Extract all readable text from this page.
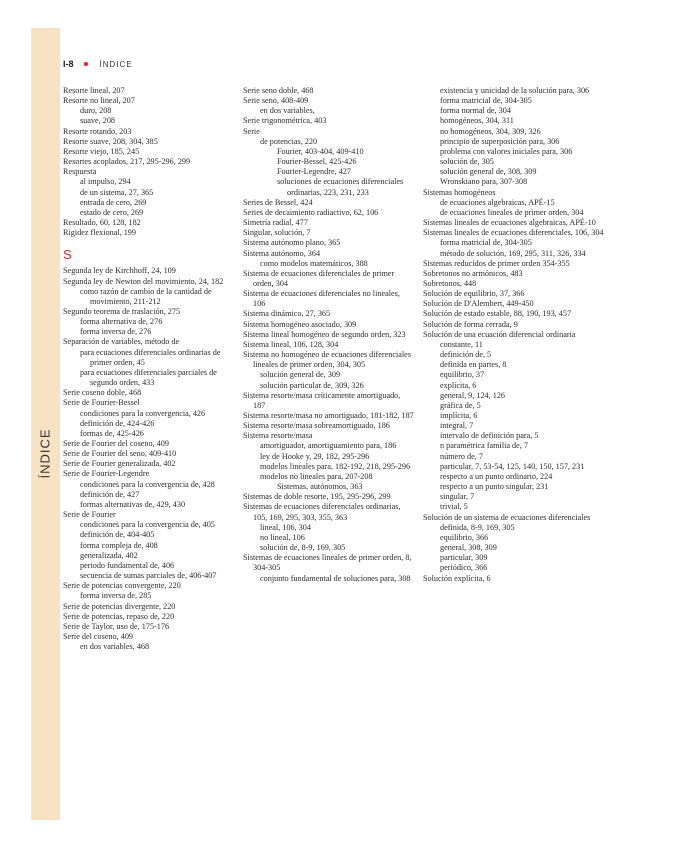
ÍNDICE
I-8	ÍNDICE

Resorte lineal, 207

Resorte no lineal, 207

duro, 208

suave, 208

Resorte rotando, 203

Resorte suave, 208, 304, 385

Resorte viejo, 185, 245

Resortes acoplados, 217, 295-296, 299

Respuesta

al impulso, 294

de un sistema, 27, 365

entrada de cero, 269

estado de cero, 269

Resultado, 60, 128, 182

Rigidez flexional, 199

S

Segunda ley de Kirchhoff, 24, 109

Segunda ley de Newton del movimiento, 24, 182

como razón de cambio de la cantidad de movimiento, 211-212

Segundo teorema de traslación, 275

forma alternativa de, 276

forma inversa de, 276

Separación de variables, método de

para ecuaciones diferenciales ordinarias de primer orden, 45

para ecuaciones diferenciales parciales de segundo orden, 433

Serie coseno doble, 468

Serie de Fourier-Bessel

condiciones para la convergencia, 426

definición de, 424-426

formas de, 425-426

Serie de Fourier del coseno, 409

Serie de Fourier del seno, 409-410

Serie de Fourier generalizada, 402

Serie de Fourier-Legendre

condiciones para la convergencia de, 428

definición de, 427

formas alternativas de, 429, 430

Serie de Fourier

condiciones para la convergencia de, 405

definición de, 404-405

forma compleja de, 408

generalizada, 402

periodo fundamental de, 406

secuencia de sumas parciales de, 406-407

Serie de potencias convergente, 220

forma inversa de, 285

Serie de potencias divergente, 220

Serie de potencias, repaso de, 220

Serie de Taylor, uso de, 175-176

Serie del coseno, 409

en dos variables, 468

Serie seno doble, 468

Serie seno, 408-409

en dos variables,

Serie trigonométrica, 403

Serie

de potencias, 220

Fourier, 403-404, 409-410

Fourier-Bessel, 425-426

Fourier-Legendre, 427

soluciones de ecuaciones diferenciales ordinarias, 223, 231, 233

Series de Bessel, 424

Series de decaimiento radiactivo, 62, 106

Simetría radial, 477

Singular, solución, 7

Sistema autónomo plano, 365

Sistema autónomo, 364

como modelos matemáticos, 388

Sistema de ecuaciones diferenciales de primer orden, 304

Sistema de ecuaciones diferenciales no lineales, 106

Sistema dinámico, 27, 365

Sistema homogéneo asociado, 309

Sistema lineal homogéneo de segundo orden, 323

Sistema lineal, 106, 128, 304

Sistema no homogéneo de ecuaciones diferenciales lineales de primer orden, 304, 305

solución general de, 309

solución particular de, 309, 326

Sistema resorte/masa críticamente amortiguado, 187

Sistema resorte/masa no amortiguado, 181-182, 187

Sistema resorte/masa sobreamortiguado, 186

Sistema resorte/masa

amortiguador, amortiguamiento para, 186

ley de Hooke y, 29, 182, 295-296

modelos lineales para, 182-192, 218, 295-296

modelos no lineales para, 207-208

Sistemas, autónomos, 363

Sistemas de doble resorte, 195, 295-296, 299

Sistemas de ecuaciones diferenciales ordinarias, 105, 169, 295, 303, 355, 363

lineal, 106, 304

no lineal, 106

solución de, 8-9, 169, 305

Sistemas de ecuaciones lineales de primer orden, 8, 304-305

conjunto fundamental de soluciones para, 308

existencia y unicidad de la solución para, 306

forma matricial de, 304-305

forma normal de, 304

homogéneos, 304, 311

no homogéneos, 304, 309, 326

principio de superposición para, 306

problema con valores iniciales para, 306

solución de, 305

solución general de, 308, 309

Wronskiano para, 307-308

Sistemas homogéneos

de ecuaciones algebraicas, APÉ-15

de ecuaciones lineales de primer orden, 304

Sistemas lineales de ecuaciones algebraicas, APÉ-10

Sistemas lineales de ecuaciones diferenciales, 106, 304

forma matricial de, 304-305

método de solución, 169, 295, 311, 326, 334

Sistemas reducidos de primer orden 354-355

Sobretonos no armónicos, 483

Sobretonos, 448

Solución de equilibrio, 37, 366

Solución de D'Alembert, 449-450

Solución de estado estable, 88, 190, 193, 457

Solución de forma cerrada, 9

Solución de una ecuación diferencial ordinaria

constante, 11

definición de, 5

definida en partes, 8

equilibrio, 37

explícita, 6

general, 9, 124, 126

gráfica de, 5

implícita, 6

integral, 7

intervalo de definición para, 5

n paramétrica familia de, 7

número de, 7

particular, 7, 53-54, 125, 140, 150, 157, 231

respecto a un punto ordinario, 224

respecto a un punto singular, 231

singular, 7

trivial, 5

Solución de un sistema de ecuaciones diferenciales

definida, 8-9, 169, 305

equilibrio, 366

general, 308, 309

particular, 309

periódico, 366

Solución explícita, 6
